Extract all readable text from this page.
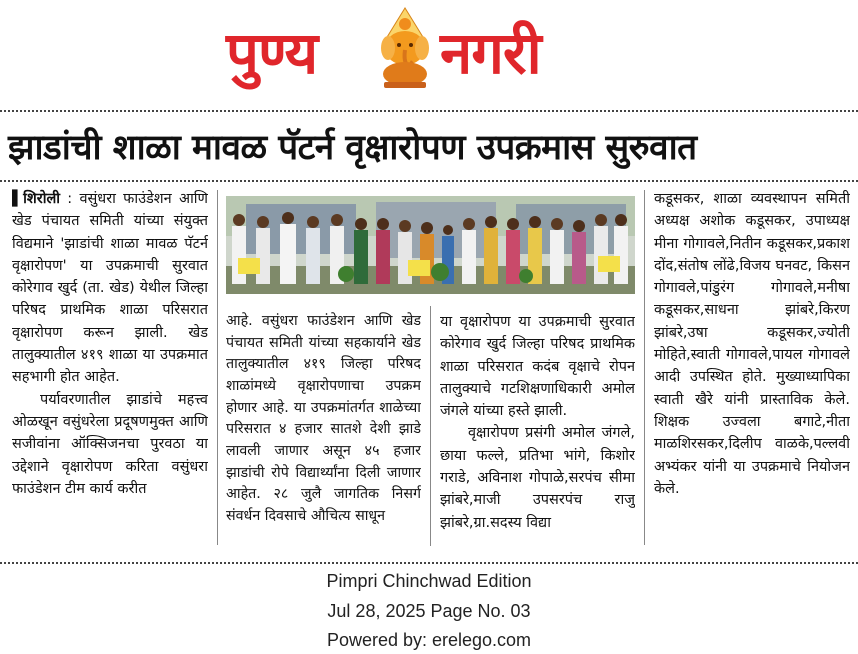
पुण्य नगरी
झाडांची शाळा मावळ पॅटर्न वृक्षारोपण उपक्रमास सुरुवात

▌शिरोली : वसुंधरा फाउंडेशन आणि खेड पंचायत समिती यांच्या संयुक्त विद्यमाने 'झाडांची शाळा मावळ पॅटर्न वृक्षारोपण' या उपक्रमाची सुरवात कोरेगाव खुर्द (ता. खेड) येथील जिल्हा परिषद प्राथमिक शाळा परिसरात वृक्षारोपण करून झाली. खेड तालुक्यातील ४१९ शाळा या उपक्रमात सहभागी होत आहेत.

पर्यावरणातील झाडांचे महत्त्व ओळखून वसुंधरेला प्रदूषणमुक्त आणि सजीवांना ऑक्सिजनचा पुरवठा या उद्देशाने वृक्षारोपण करिता वसुंधरा फाउंडेशन टीम कार्य करीत

आहे. वसुंधरा फाउंडेशन आणि खेड पंचायत समिती यांच्या सहकार्याने खेड तालुक्यातील ४१९ जिल्हा परिषद शाळांमध्ये वृक्षारोपणाचा उपक्रम होणार आहे. या उपक्रमांतर्गत शाळेच्या परिसरात ४ हजार सातशे देशी झाडे लावली जाणार असून ४५ हजार झाडांची रोपे विद्यार्थ्यांना दिली जाणार आहेत. २८ जुलै जागतिक निसर्ग संवर्धन दिवसाचे औचित्य साधून

या वृक्षारोपण या उपक्रमाची सुरवात कोरेगाव खुर्द जिल्हा परिषद प्राथमिक शाळा परिसरात कदंब वृक्षाचे रोपन तालुक्याचे गटशिक्षणाधिकारी अमोल जंगले यांच्या हस्ते झाली.

वृक्षारोपण प्रसंगी अमोल जंगले, छाया फल्ले, प्रतिभा भांगे, किशोर गराडे, अविनाश गोपाळे,सरपंच सीमा झांबरे,माजी उपसरपंच राजु झांबरे,ग्रा.सदस्य विद्या

कडूसकर, शाळा व्यवस्थापन समिती अध्यक्ष अशोक कडूसकर, उपाध्यक्ष मीना गोगावले,नितीन कडूसकर,प्रकाश दोंद,संतोष लोंढे,विजय घनवट, किसन गोगावले,पांडुरंग गोगावले,मनीषा कडूसकर,साधना झांबरे,किरण झांबरे,उषा कडूसकर,ज्योती मोहिते,स्वाती गोगावले,पायल गोगावले आदी उपस्थित होते. मुख्याध्यापिका स्वाती खैरे यांनी प्रास्ताविक केले. शिक्षक उज्वला बगाटे,नीता माळशिरसकर,दिलीप वाळके,पल्लवी अभ्यंकर यांनी या उपक्रमाचे नियोजन केले.

Pimpri Chinchwad Edition
Jul 28, 2025 Page No. 03
Powered by: erelego.com
